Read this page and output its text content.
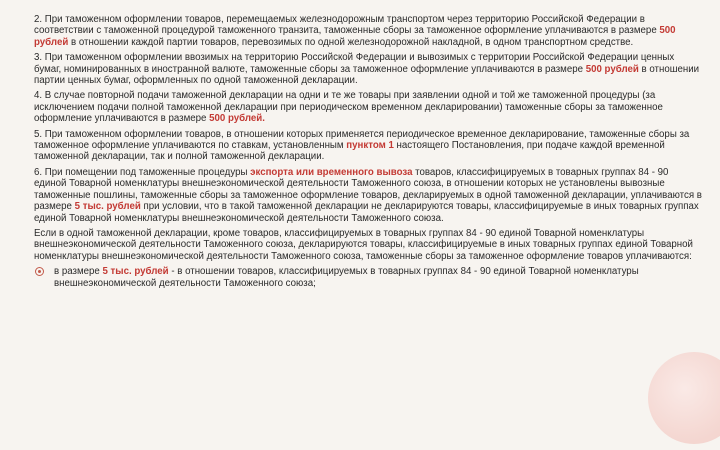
2. При таможенном оформлении товаров, перемещаемых железнодорожным транспортом через территорию Российской Федерации в соответствии с таможенной процедурой таможенного транзита, таможенные сборы за таможенное оформление уплачиваются в размере 500 рублей в отношении каждой партии товаров, перевозимых по одной железнодорожной накладной, в одном транспортном средстве.

3. При таможенном оформлении ввозимых на территорию Российской Федерации и вывозимых с территории Российской Федерации ценных бумаг, номинированных в иностранной валюте, таможенные сборы за таможенное оформление уплачиваются в размере 500 рублей в отношении партии ценных бумаг, оформленных по одной таможенной декларации.

4. В случае повторной подачи таможенной декларации на одни и те же товары при заявлении одной и той же таможенной процедуры (за исключением подачи полной таможенной декларации при периодическом временном декларировании) таможенные сборы за таможенное оформление уплачиваются в размере 500 рублей.

5. При таможенном оформлении товаров, в отношении которых применяется периодическое временное декларирование, таможенные сборы за таможенное оформление уплачиваются по ставкам, установленным пунктом 1 настоящего Постановления, при подаче каждой временной таможенной декларации, так и полной таможенной декларации.

6. При помещении под таможенные процедуры экспорта или временного вывоза товаров, классифицируемых в товарных группах 84 - 90 единой Товарной номенклатуры внешнеэкономической деятельности Таможенного союза, в отношении которых не установлены вывозные таможенные пошлины, таможенные сборы за таможенное оформление товаров, декларируемых в одной таможенной декларации, уплачиваются в размере 5 тыс. рублей при условии, что в такой таможенной декларации не декларируются товары, классифицируемые в иных товарных группах единой Товарной номенклатуры внешнеэкономической деятельности Таможенного союза.

Если в одной таможенной декларации, кроме товаров, классифицируемых в товарных группах 84 - 90 единой Товарной номенклатуры внешнеэкономической деятельности Таможенного союза, декларируются товары, классифицируемые в иных товарных группах единой Товарной номенклатуры внешнеэкономической деятельности Таможенного союза, таможенные сборы за таможенное оформление товаров уплачиваются:

в размере 5 тыс. рублей - в отношении товаров, классифицируемых в товарных группах 84 - 90 единой Товарной номенклатуры внешнеэкономической деятельности Таможенного союза;
